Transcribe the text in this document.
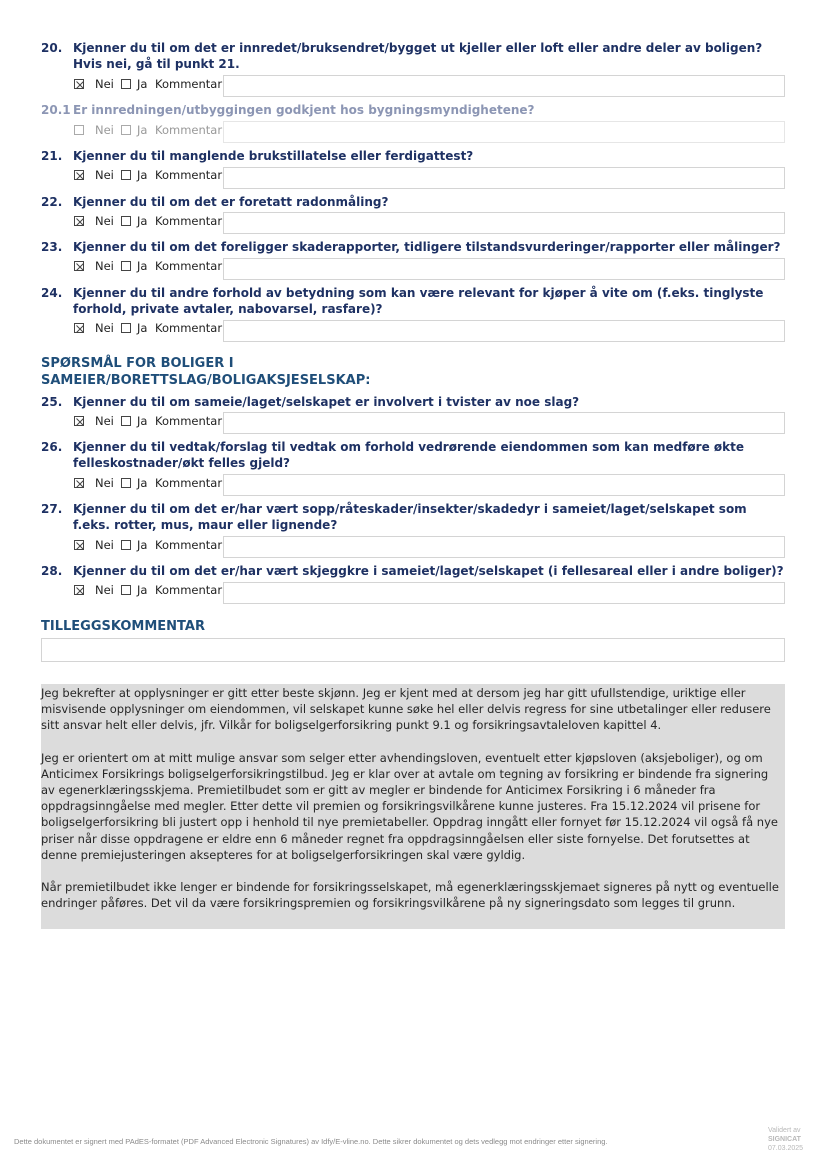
20. Kjenner du til om det er innredet/bruksendret/bygget ut kjeller eller loft eller andre deler av boligen? Hvis nei, gå til punkt 21.
Nei Ja Kommentar
20.1 Er innredningen/utbyggingen godkjent hos bygningsmyndighetene?
Nei Ja Kommentar
21. Kjenner du til manglende brukstillatelse eller ferdigattest?
Nei Ja Kommentar
22. Kjenner du til om det er foretatt radonmåling?
Nei Ja Kommentar
23. Kjenner du til om det foreligger skaderapporter, tidligere tilstandsvurderinger/rapporter eller målinger?
Nei Ja Kommentar
24. Kjenner du til andre forhold av betydning som kan være relevant for kjøper å vite om (f.eks. tinglyste forhold, private avtaler, nabovarsel, rasfare)?
Nei Ja Kommentar
SPØRSMÅL FOR BOLIGER I SAMEIER/BORETTSLAG/BOLIGAKSJESELSKAP:
25. Kjenner du til om sameie/laget/selskapet er involvert i tvister av noe slag?
Nei Ja Kommentar
26. Kjenner du til vedtak/forslag til vedtak om forhold vedrørende eiendommen som kan medføre økte felleskostnader/økt felles gjeld?
Nei Ja Kommentar
27. Kjenner du til om det er/har vært sopp/råteskader/insekter/skadedyr i sameiet/laget/selskapet som f.eks. rotter, mus, maur eller lignende?
Nei Ja Kommentar
28. Kjenner du til om det er/har vært skjeggkre i sameiet/laget/selskapet (i fellesareal eller i andre boliger)?
Nei Ja Kommentar
TILLEGGSKOMMENTAR

Jeg bekrefter at opplysninger er gitt etter beste skjønn. Jeg er kjent med at dersom jeg har gitt ufullstendige, uriktige eller misvisende opplysninger om eiendommen, vil selskapet kunne søke hel eller delvis regress for sine utbetalinger eller redusere sitt ansvar helt eller delvis, jfr. Vilkår for boligselgerforsikring punkt 9.1 og forsikringsavtaleloven kapittel 4.

Jeg er orientert om at mitt mulige ansvar som selger etter avhendingsloven, eventuelt etter kjøpsloven (aksjeboliger), og om Anticimex Forsikrings boligselgerforsikringstilbud. Jeg er klar over at avtale om tegning av forsikring er bindende fra signering av egenerklæringsskjema. Premietilbudet som er gitt av megler er bindende for Anticimex Forsikring i 6 måneder fra oppdragsinngåelse med megler. Etter dette vil premien og forsikringsvilkårene kunne justeres. Fra 15.12.2024 vil prisene for boligselgerforsikring bli justert opp i henhold til nye premietabeller. Oppdrag inngått eller fornyet før 15.12.2024 vil også få nye priser når disse oppdragene er eldre enn 6 måneder regnet fra oppdragsinngåelsen eller siste fornyelse. Det forutsettes at denne premiejusteringen aksepteres for at boligselgerforsikringen skal være gyldig.

Når premietilbudet ikke lenger er bindende for forsikringsselskapet, må egenerklæringsskjemaet signeres på nytt og eventuelle endringer påføres. Det vil da være forsikringspremien og forsikringsvilkårene på ny signeringsdato som legges til grunn.

Dette dokumentet er signert med PAdES-formatet (PDF Advanced Electronic Signatures) av Idfy/E-vline.no. Dette sikrer dokumentet og dets vedlegg mot endringer etter signering.
Validert av
SIGNICAT
07.03.2025
